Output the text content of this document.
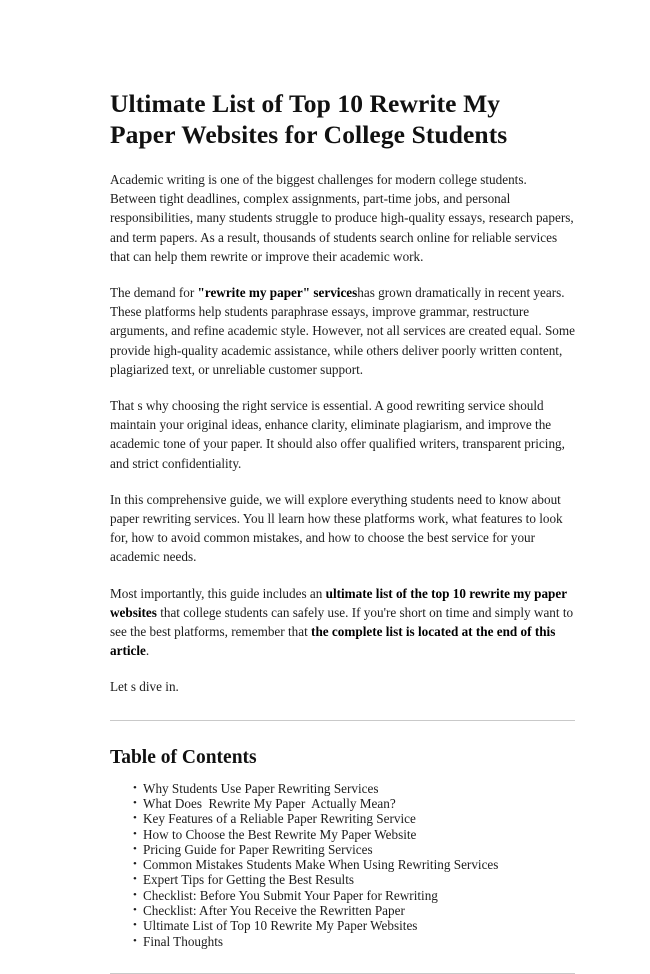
Ultimate List of Top 10 Rewrite My
Paper Websites for College Students

Academic writing is one of the biggest challenges for modern college students. Between tight deadlines, complex assignments, part-time jobs, and personal responsibilities, many students struggle to produce high-quality essays, research papers, and term papers. As a result, thousands of students search online for reliable services that can help them rewrite or improve their academic work.

The demand for "rewrite my paper" serviceshas grown dramatically in recent years. These platforms help students paraphrase essays, improve grammar, restructure arguments, and refine academic style. However, not all services are created equal. Some provide high-quality academic assistance, while others deliver poorly written content, plagiarized text, or unreliable customer support.

That s why choosing the right service is essential. A good rewriting service should maintain your original ideas, enhance clarity, eliminate plagiarism, and improve the academic tone of your paper. It should also offer qualified writers, transparent pricing, and strict confidentiality.

In this comprehensive guide, we will explore everything students need to know about paper rewriting services. You ll learn how these platforms work, what features to look for, how to avoid common mistakes, and how to choose the best service for your academic needs.

Most importantly, this guide includes an ultimate list of the top 10 rewrite my paper websites that college students can safely use. If you're short on time and simply want to see the best platforms, remember that the complete list is located at the end of this article.

Let s dive in.

Table of Contents
• Why Students Use Paper Rewriting Services
• What Does  Rewrite My Paper  Actually Mean?
• Key Features of a Reliable Paper Rewriting Service
• How to Choose the Best Rewrite My Paper Website
• Pricing Guide for Paper Rewriting Services
• Common Mistakes Students Make When Using Rewriting Services
• Expert Tips for Getting the Best Results
• Checklist: Before You Submit Your Paper for Rewriting
• Checklist: After You Receive the Rewritten Paper
• Ultimate List of Top 10 Rewrite My Paper Websites
• Final Thoughts
